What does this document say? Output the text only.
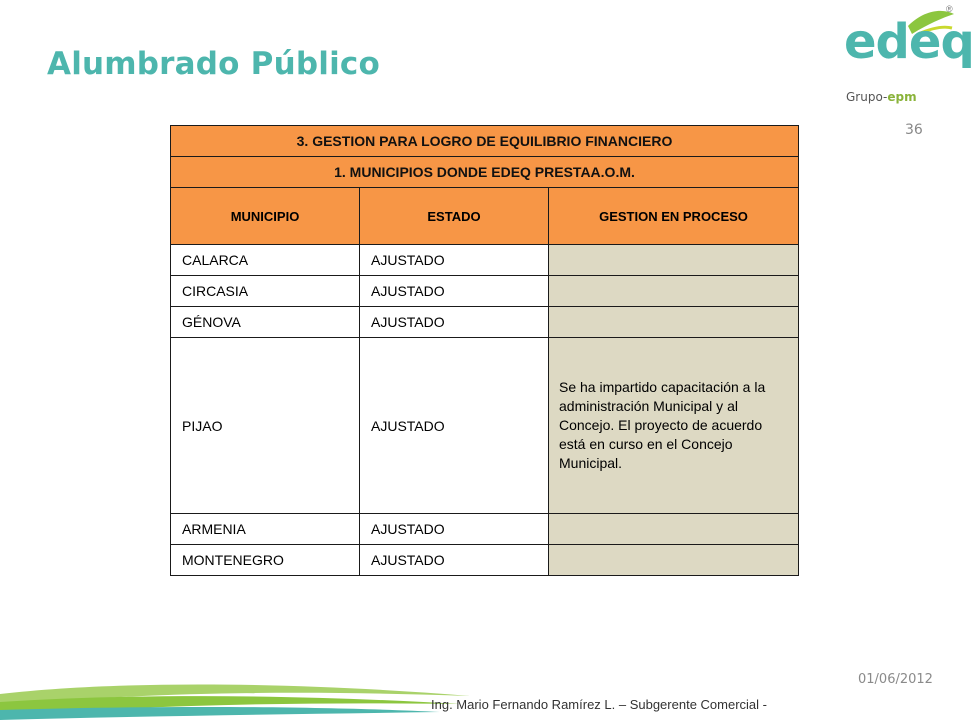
Alumbrado Público
®
edeq
Grupo-epm
36
3. GESTION PARA LOGRO DE EQUILIBRIO FINANCIERO		
1. MUNICIPIOS DONDE EDEQ PRESTAA.O.M.		
MUNICIPIO	ESTADO	GESTION EN PROCESO
CALARCA	AJUSTADO	
CIRCASIA	AJUSTADO	
GÉNOVA	AJUSTADO	
PIJAO	AJUSTADO	Se ha impartido capacitación a la administración Municipal y al Concejo. El proyecto de acuerdo está en curso en el Concejo Municipal.
ARMENIA	AJUSTADO	
MONTENEGRO	AJUSTADO	
01/06/2012
Ing. Mario Fernando Ramírez L. – Subgerente Comercial -
